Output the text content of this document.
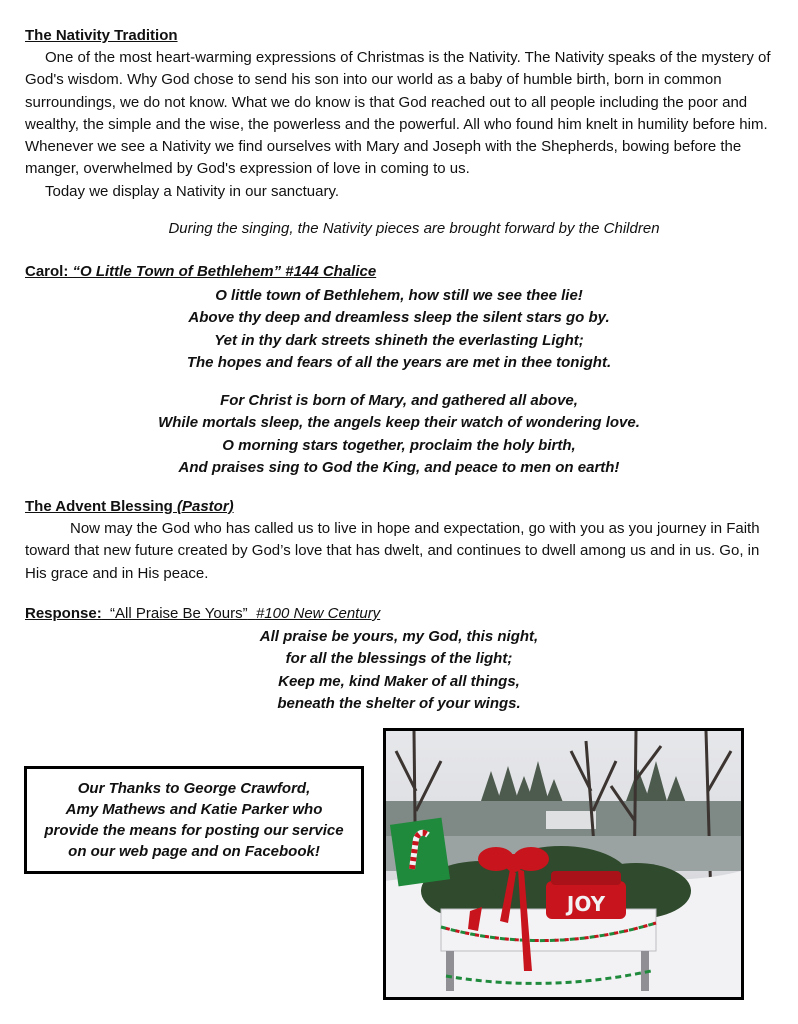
The Nativity Tradition

One of the most heart-warming expressions of Christmas is the Nativity. The Nativity speaks of the mystery of God's wisdom. Why God chose to send his son into our world as a baby of humble birth, born in common surroundings, we do not know. What we do know is that God reached out to all people including the poor and wealthy, the simple and the wise, the powerless and the powerful. All who found him knelt in humility before him. Whenever we see a Nativity we find ourselves with Mary and Joseph with the Shepherds, bowing before the manger, overwhelmed by God's expression of love in coming to us.

Today we display a Nativity in our sanctuary.

During the singing, the Nativity pieces are brought forward by the Children
Carol: “O Little Town of Bethlehem” #144 Chalice
O little town of Bethlehem, how still we see thee lie!
Above thy deep and dreamless sleep the silent stars go by.
Yet in thy dark streets shineth the everlasting Light;
The hopes and fears of all the years are met in thee tonight.
For Christ is born of Mary, and gathered all above,
While mortals sleep, the angels keep their watch of wondering love.
O morning stars together, proclaim the holy birth,
And praises sing to God the King, and peace to men on earth!
The Advent Blessing (Pastor)

Now may the God who has called us to live in hope and expectation, go with you as you journey in Faith toward that new future created by God’s love that has dwelt, and continues to dwell among us and in us. Go, in His grace and in His peace.

Response: “All Praise Be Yours” #100 New Century
All praise be yours, my God, this night,
for all the blessings of the light;
Keep me, kind Maker of all things,
beneath the shelter of your wings.
Our Thanks to George Crawford,
Amy Mathews and Katie Parker who
provide the means for posting our service
on our web page and on Facebook!
JOY
